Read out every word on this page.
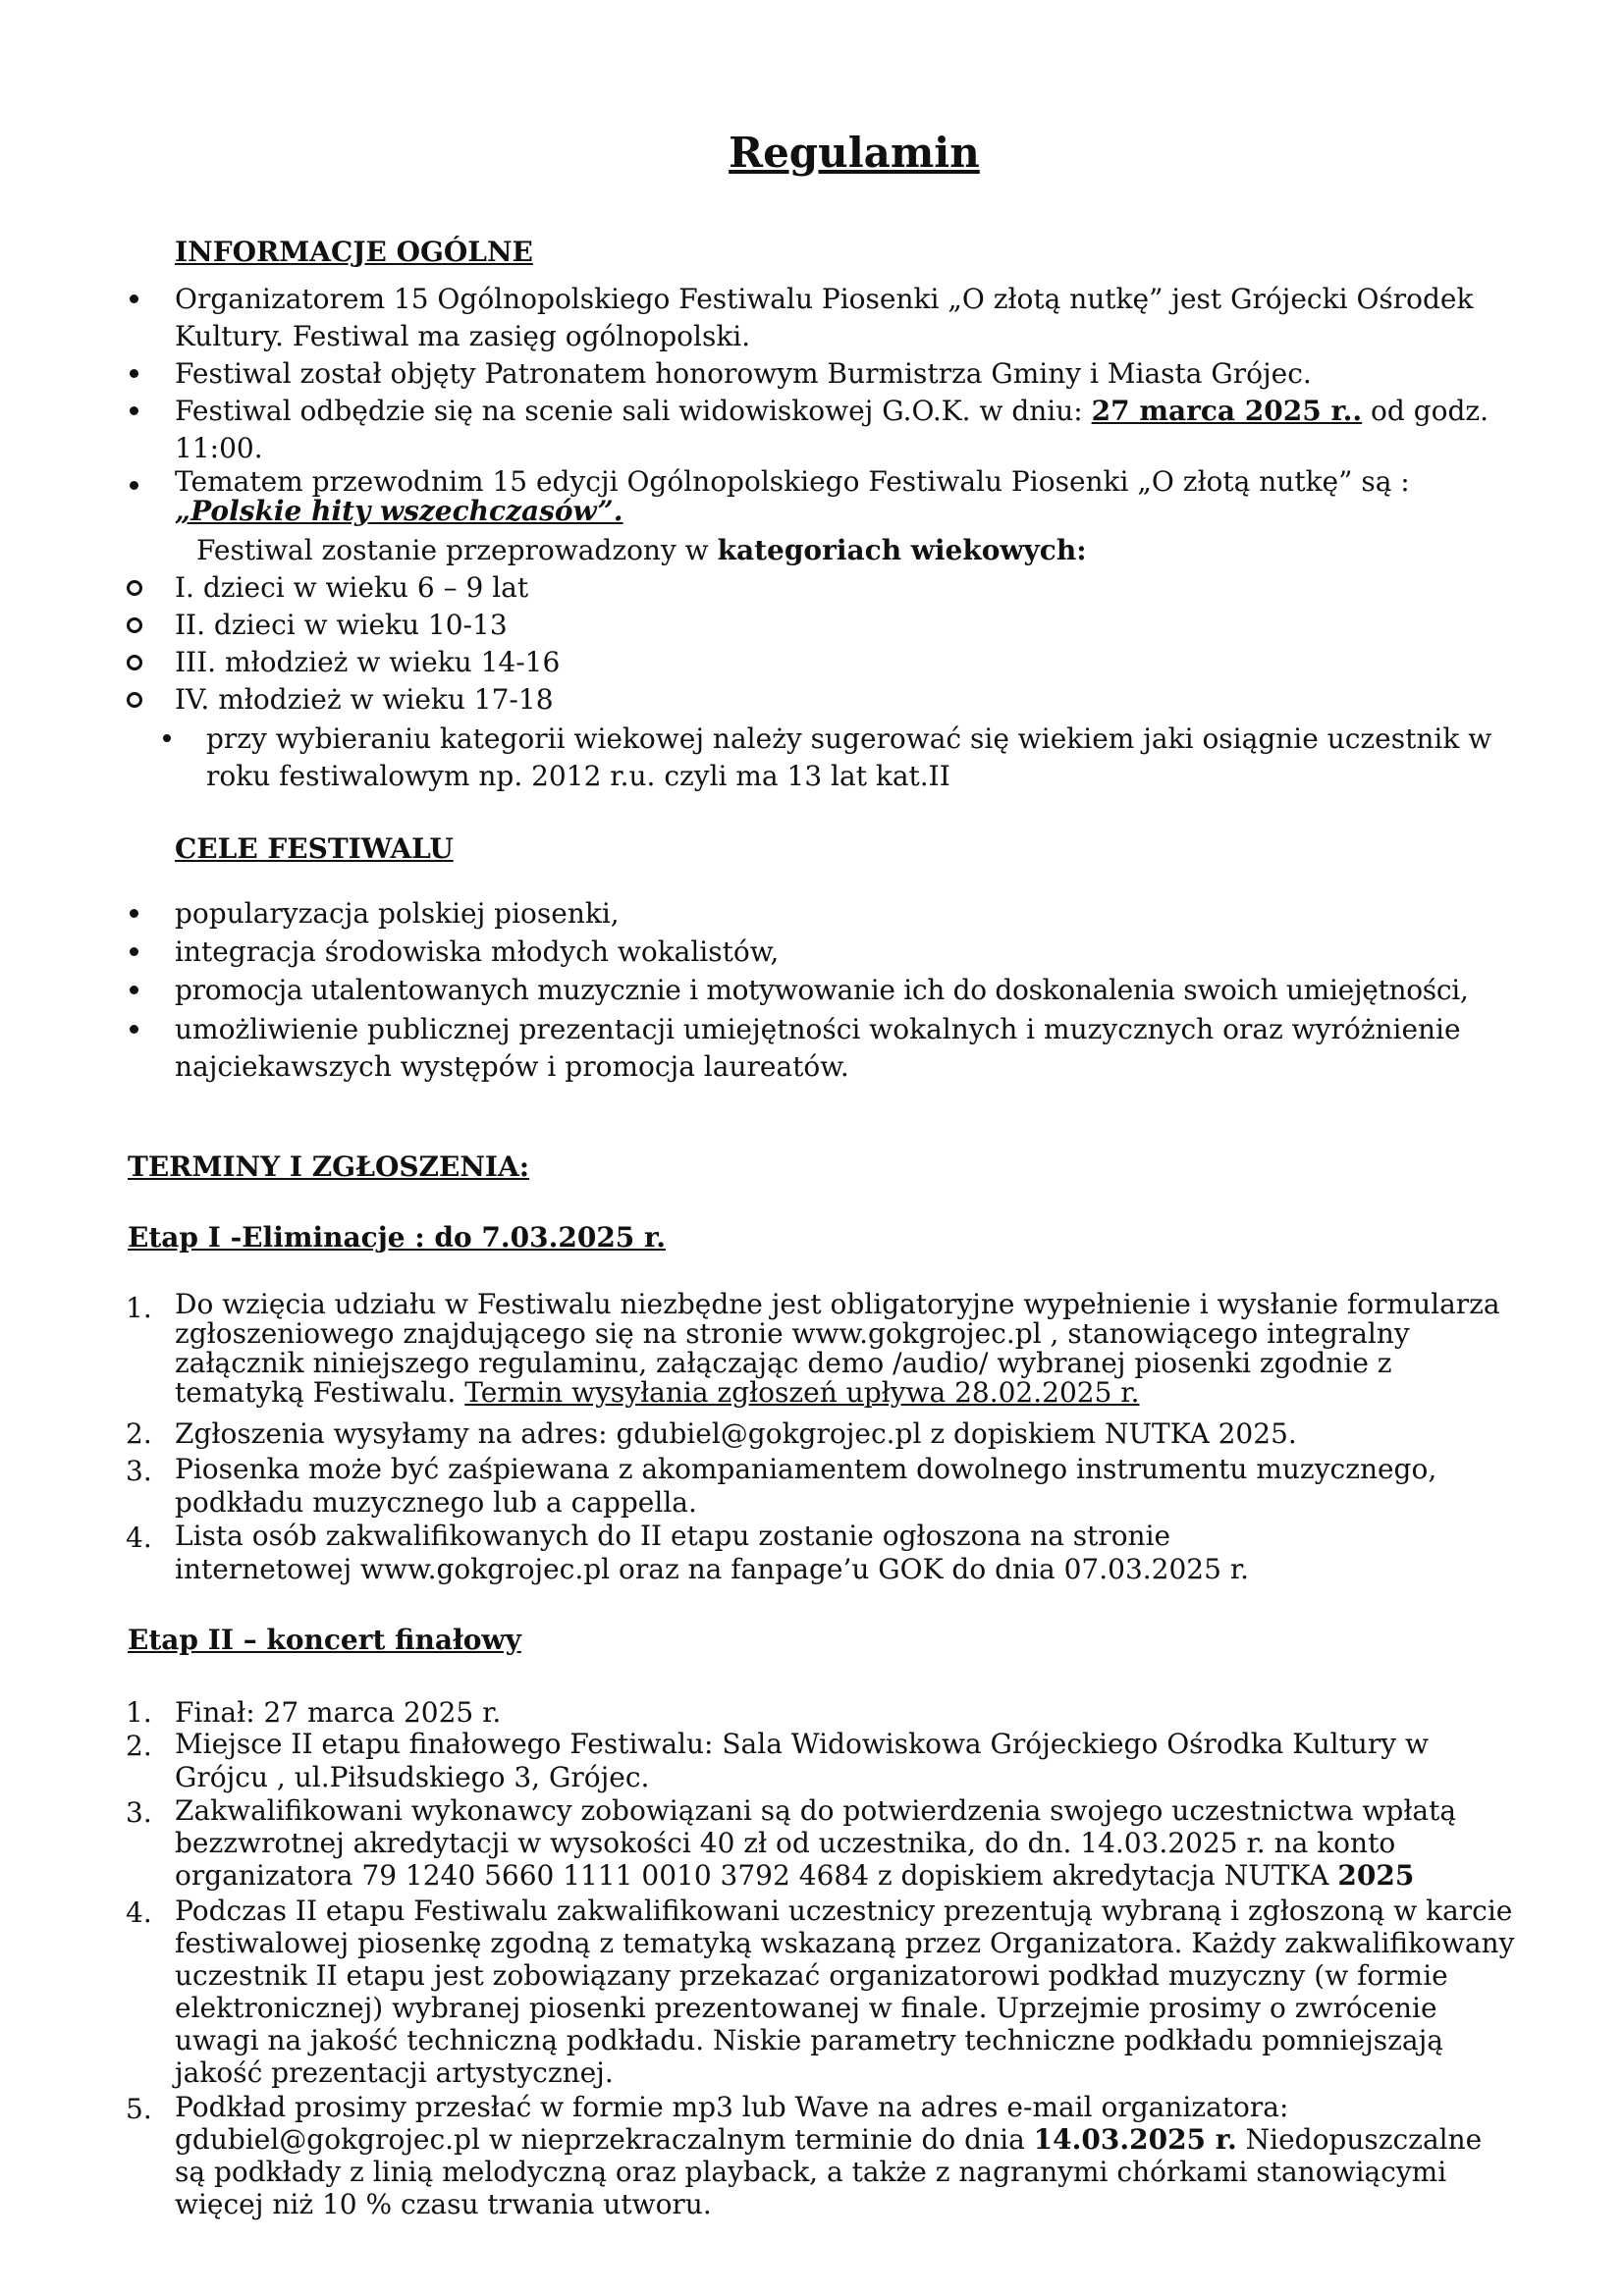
Regulamin
INFORMACJE OGÓLNE
Organizatorem 15 Ogólnopolskiego Festiwalu Piosenki „O złotą nutkę” jest Grójecki Ośrodek Kultury. Festiwal ma zasięg ogólnopolski.
Festiwal został objęty Patronatem honorowym Burmistrza Gminy i Miasta Grójec.
Festiwal odbędzie się na scenie sali widowiskowej G.O.K. w dniu: 27 marca 2025 r.. od godz. 11:00.
Tematem przewodnim 15 edycji Ogólnopolskiego Festiwalu Piosenki „O złotą nutkę” są :
„Polskie hity wszechczasów”.
Festiwal zostanie przeprowadzony w kategoriach wiekowych:
I. dzieci w wieku 6 – 9 lat
II. dzieci w wieku 10-13
III. młodzież w wieku 14-16
IV. młodzież w wieku 17-18
przy wybieraniu kategorii wiekowej należy sugerować się wiekiem jaki osiągnie uczestnik w roku festiwalowym np. 2012 r.u. czyli ma 13 lat kat.II
CELE FESTIWALU
popularyzacja polskiej piosenki,
integracja środowiska młodych wokalistów,
promocja utalentowanych muzycznie i motywowanie ich do doskonalenia swoich umiejętności,
umożliwienie publicznej prezentacji umiejętności wokalnych i muzycznych oraz wyróżnienie najciekawszych występów i promocja laureatów.
TERMINY I ZGŁOSZENIA:
Etap I -Eliminacje : do 7.03.2025 r.
1. Do wzięcia udziału w Festiwalu niezbędne jest obligatoryjne wypełnienie i wysłanie formularza zgłoszeniowego znajdującego się na stronie www.gokgrojec.pl , stanowiącego integralny załącznik niniejszego regulaminu, załączając demo /audio/ wybranej piosenki zgodnie z tematyką Festiwalu. Termin wysyłania zgłoszeń upływa 28.02.2025 r.
2. Zgłoszenia wysyłamy na adres: gdubiel@gokgrojec.pl z dopiskiem NUTKA 2025.
3. Piosenka może być zaśpiewana z akompaniamentem dowolnego instrumentu muzycznego, podkładu muzycznego lub a cappella.
4. Lista osób zakwalifikowanych do II etapu zostanie ogłoszona na stronie internetowej www.gokgrojec.pl oraz na fanpage’u GOK do dnia 07.03.2025 r.
Etap II – koncert finałowy
1. Finał: 27 marca 2025 r.
2. Miejsce II etapu finałowego Festiwalu: Sala Widowiskowa Grójeckiego Ośrodka Kultury w Grójcu , ul.Piłsudskiego 3, Grójec.
3. Zakwalifikowani wykonawcy zobowiązani są do potwierdzenia swojego uczestnictwa wpłatą bezzwrotnej akredytacji w wysokości 40 zł od uczestnika, do dn. 14.03.2025 r. na konto organizatora 79 1240 5660 1111 0010 3792 4684 z dopiskiem akredytacja NUTKA 2025
4. Podczas II etapu Festiwalu zakwalifikowani uczestnicy prezentują wybraną i zgłoszoną w karcie festiwalowej piosenkę zgodną z tematyką wskazaną przez Organizatora. Każdy zakwalifikowany uczestnik II etapu jest zobowiązany przekazać organizatorowi podkład muzyczny (w formie elektronicznej) wybranej piosenki prezentowanej w finale. Uprzejmie prosimy o zwrócenie uwagi na jakość techniczną podkładu. Niskie parametry techniczne podkładu pomniejszają jakość prezentacji artystycznej.
5. Podkład prosimy przesłać w formie mp3 lub Wave na adres e-mail organizatora: gdubiel@gokgrojec.pl w nieprzekraczalnym terminie do dnia 14.03.2025 r. Niedopuszczalne są podkłady z linią melodyczną oraz playback, a także z nagranymi chórkami stanowiącymi więcej niż 10 % czasu trwania utworu.
